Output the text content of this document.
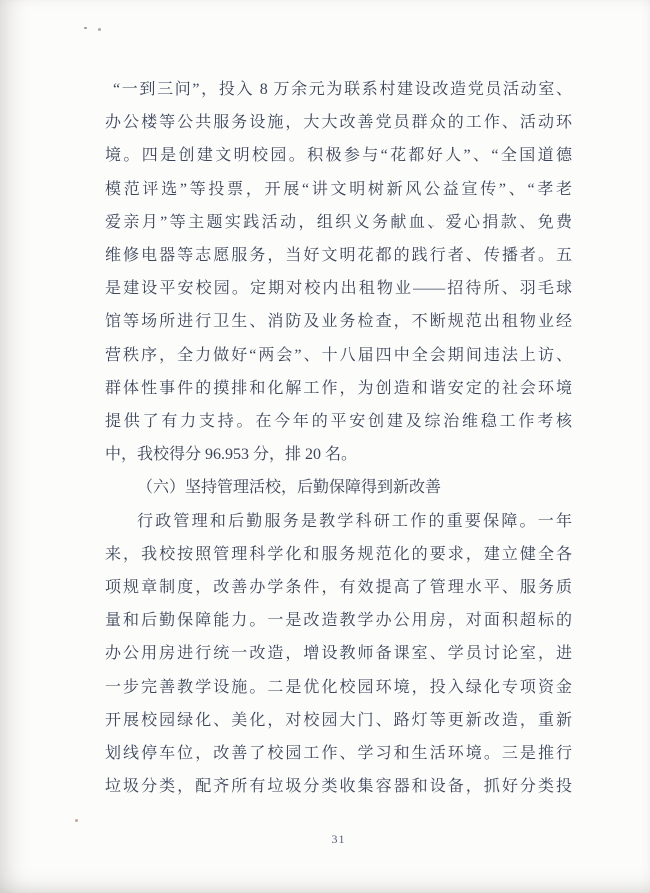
“一到三问”，投入 8 万余元为联系村建设改造党员活动室、

办公楼等公共服务设施，大大改善党员群众的工作、活动环

境。四是创建文明校园。积极参与“花都好人”、“全国道德

模范评选”等投票，开展“讲文明树新风公益宣传”、“孝老

爱亲月”等主题实践活动，组织义务献血、爱心捐款、免费

维修电器等志愿服务，当好文明花都的践行者、传播者。五

是建设平安校园。定期对校内出租物业——招待所、羽毛球

馆等场所进行卫生、消防及业务检查，不断规范出租物业经

营秩序，全力做好“两会”、十八届四中全会期间违法上访、

群体性事件的摸排和化解工作，为创造和谐安定的社会环境

提供了有力支持。在今年的平安创建及综治维稳工作考核

中，我校得分 96.953 分，排 20 名。

（六）坚持管理活校，后勤保障得到新改善

行政管理和后勤服务是教学科研工作的重要保障。一年

来，我校按照管理科学化和服务规范化的要求，建立健全各

项规章制度，改善办学条件，有效提高了管理水平、服务质

量和后勤保障能力。一是改造教学办公用房，对面积超标的

办公用房进行统一改造，增设教师备课室、学员讨论室，进

一步完善教学设施。二是优化校园环境，投入绿化专项资金

开展校园绿化、美化，对校园大门、路灯等更新改造，重新

划线停车位，改善了校园工作、学习和生活环境。三是推行

垃圾分类，配齐所有垃圾分类收集容器和设备，抓好分类投

31
